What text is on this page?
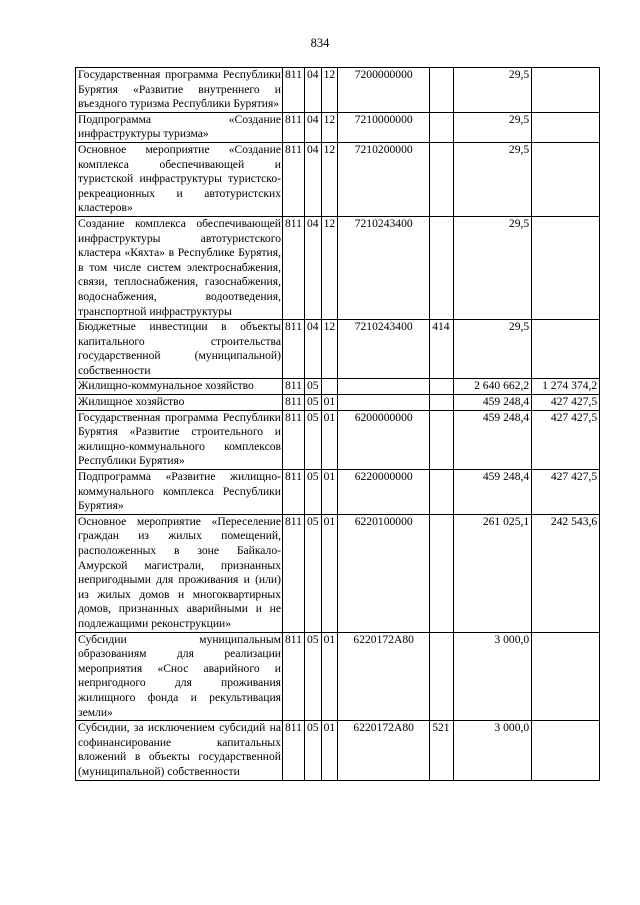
834
Государственная программа Республики Бурятия «Развитие внутреннего и въездного туризма Республики Бурятия»	811	04	12	7200000000		29,5	
Подпрограмма «Создание инфраструктуры туризма»	811	04	12	7210000000		29,5	
Основное мероприятие «Создание комплекса обеспечивающей и туристской инфраструктуры туристско-рекреационных и автотуристских кластеров»	811	04	12	7210200000		29,5	
Создание комплекса обеспечивающей инфраструктуры автотуристского кластера «Кяхта» в Республике Бурятия, в том числе систем электроснабжения, связи, теплоснабжения, газоснабжения, водоснабжения, водоотведения, транспортной инфраструктуры	811	04	12	7210243400		29,5	
Бюджетные инвестиции в объекты капитального строительства государственной (муниципальной) собственности	811	04	12	7210243400	414	29,5	
Жилищно-коммунальное хозяйство	811	05				2 640 662,2	1 274 374,2
Жилищное хозяйство	811	05	01			459 248,4	427 427,5
Государственная программа Республики Бурятия «Развитие строительного и жилищно-коммунального комплексов Республики Бурятия»	811	05	01	6200000000		459 248,4	427 427,5
Подпрограмма «Развитие жилищно-коммунального комплекса Республики Бурятия»	811	05	01	6220000000		459 248,4	427 427,5
Основное мероприятие «Переселение граждан из жилых помещений, расположенных в зоне Байкало-Амурской магистрали, признанных непригодными для проживания и (или) из жилых домов и многоквартирных домов, признанных аварийными и не подлежащими реконструкции»	811	05	01	6220100000		261 025,1	242 543,6
Субсидии муниципальным образованиям для реализации мероприятия «Снос аварийного и непригодного для проживания жилищного фонда и рекультивация земли»	811	05	01	6220172A80		3 000,0	
Субсидии, за исключением субсидий на софинансирование капитальных вложений в объекты государственной (муниципальной) собственности	811	05	01	6220172A80	521	3 000,0	
